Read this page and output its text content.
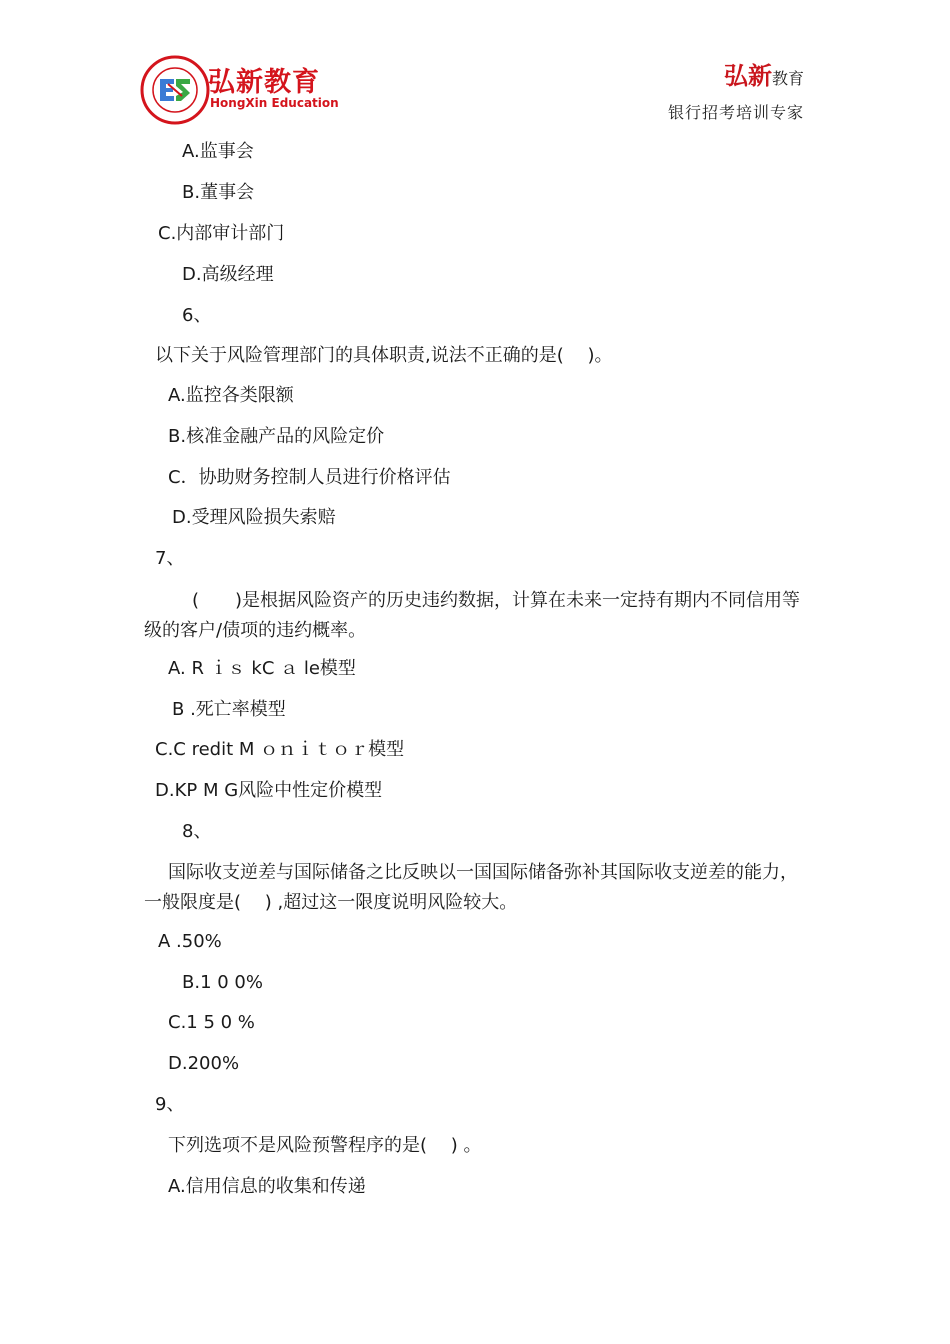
弘新教育
HongXin Education
弘新教育
银行招考培训专家
A.监事会
B.董事会
C.内部审计部门
D.高级经理
6、
以下关于风险管理部门的具体职责,说法不正确的是(　 )。
A.监控各类限额
B.核准金融产品的风险定价
C．协助财务控制人员进行价格评估
D.受理风险损失索赔
7、
(　　)是根据风险资产的历史违约数据，计算在未来一定持有期内不同信用等级的客户/债项的违约概率。
A. R ｉｓ kC ａ le模型
B .死亡率模型
C.C redit M ｏｎｉｔｏｒ模型
D.KP M G风险中性定价模型
8、
国际收支逆差与国际储备之比反映以一国国际储备弥补其国际收支逆差的能力，一般限度是(　 ) ,超过这一限度说明风险较大。
A .50%
B.1 0 0%
C.1 5 0 %
D.200%
9、
下列选项不是风险预警程序的是(　 ) 。
A.信用信息的收集和传递
